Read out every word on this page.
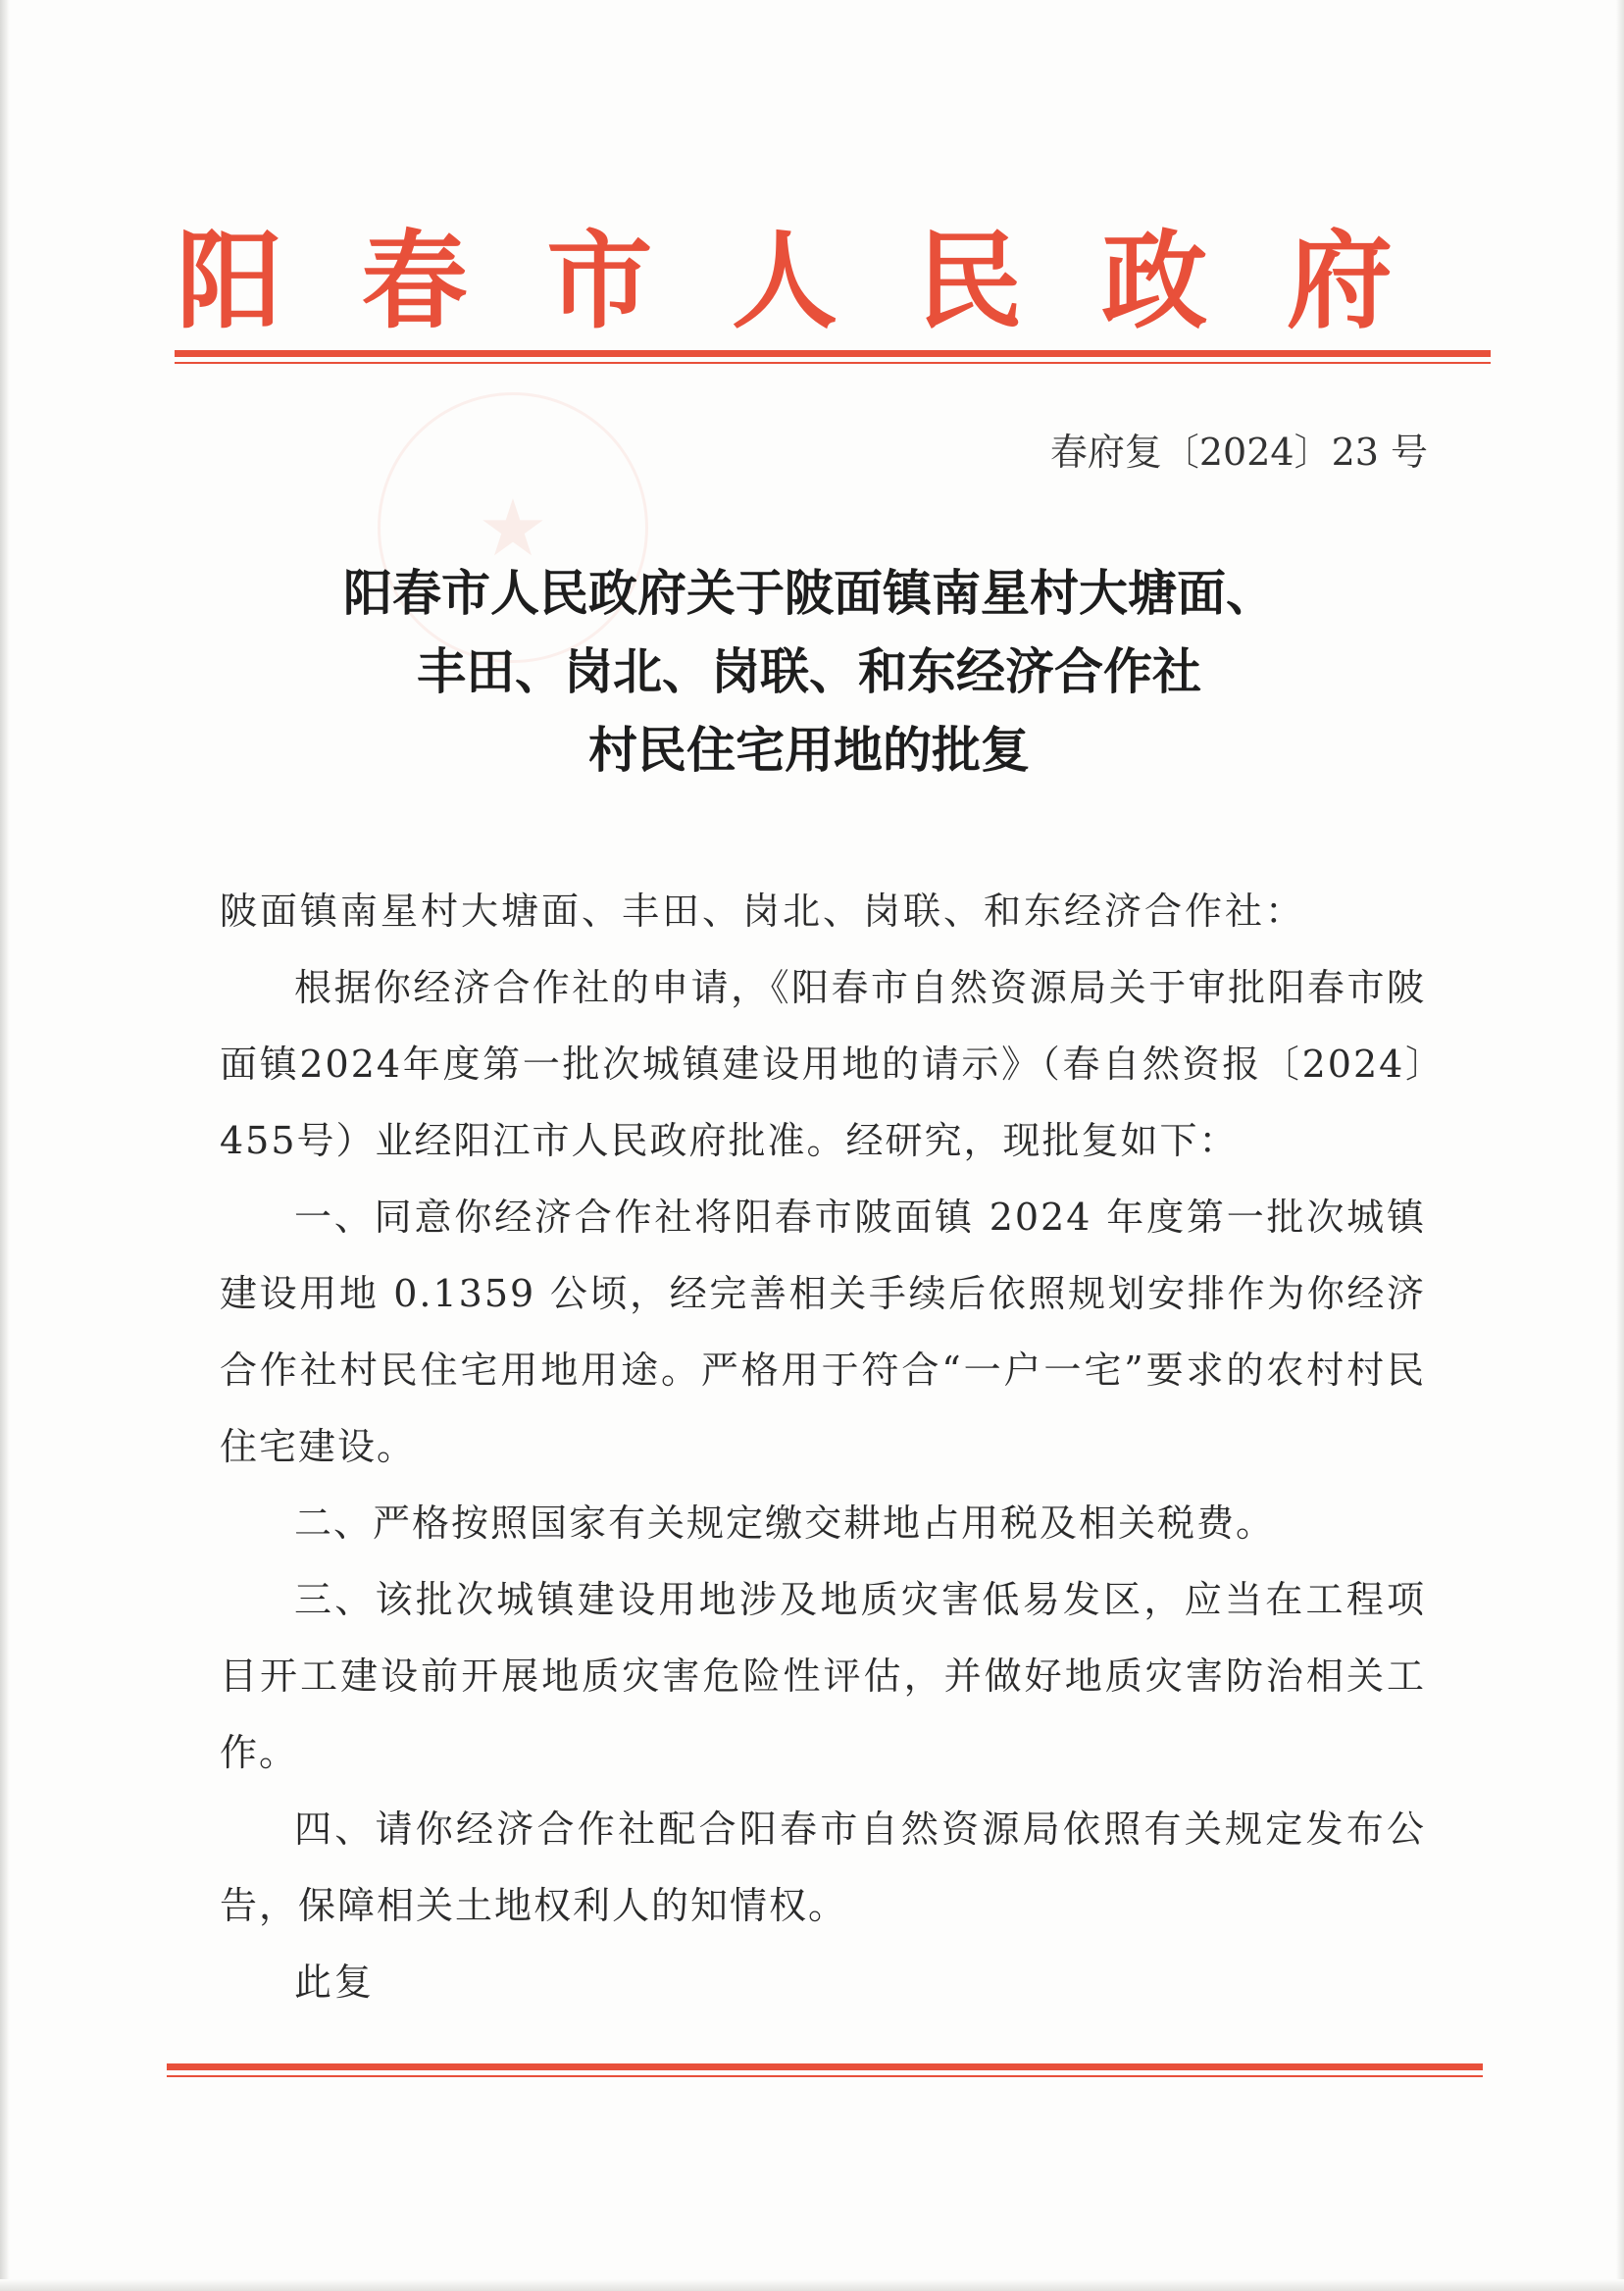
阳 春 市 人 民 政 府
★
春府复〔2024〕23 号
阳春市人民政府关于陂面镇南星村大塘面、
丰田、岗北、岗联、和东经济合作社
村民住宅用地的批复
陂面镇南星村大塘面、丰田、岗北、岗联、和东经济合作社：
根据你经济合作社的申请，《阳春市自然资源局关于审批阳春市陂面镇2024年度第一批次城镇建设用地的请示》（春自然资报〔2024〕455号）业经阳江市人民政府批准。经研究，现批复如下：
一、同意你经济合作社将阳春市陂面镇 2024 年度第一批次城镇建设用地 0.1359 公顷，经完善相关手续后依照规划安排作为你经济合作社村民住宅用地用途。严格用于符合“一户一宅”要求的农村村民住宅建设。
二、严格按照国家有关规定缴交耕地占用税及相关税费。
三、该批次城镇建设用地涉及地质灾害低易发区，应当在工程项目开工建设前开展地质灾害危险性评估，并做好地质灾害防治相关工作。
四、请你经济合作社配合阳春市自然资源局依照有关规定发布公告，保障相关土地权利人的知情权。
此复
